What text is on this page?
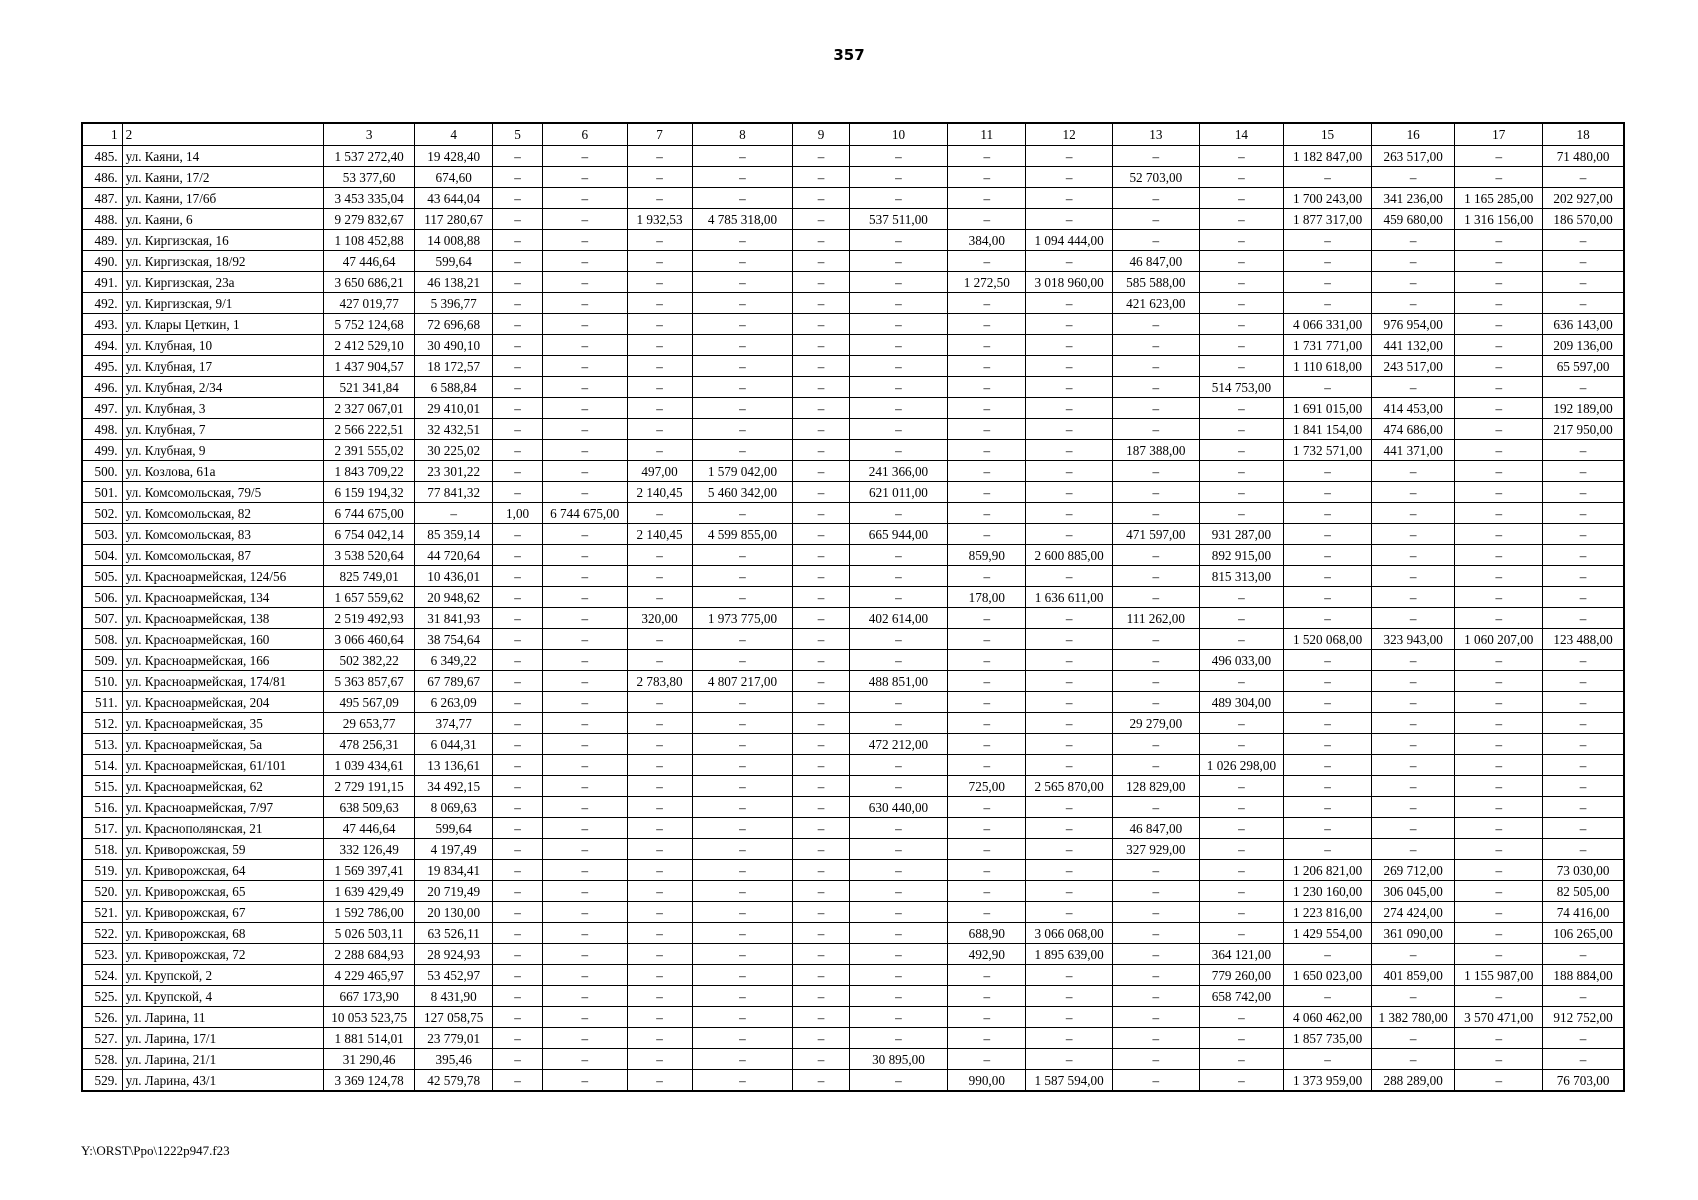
357
1	2	3	4	5	6	7	8	9	10	11	12	13	14	15	16	17	18
485.	ул. Каяни, 14	1 537 272,40	19 428,40	–	–	–	–	–	–	–	–	–	–	1 182 847,00	263 517,00	–	71 480,00
486.	ул. Каяни, 17/2	53 377,60	674,60	–	–	–	–	–	–	–	–	52 703,00	–	–	–	–	–
487.	ул. Каяни, 17/6б	3 453 335,04	43 644,04	–	–	–	–	–	–	–	–	–	–	1 700 243,00	341 236,00	1 165 285,00	202 927,00
488.	ул. Каяни, 6	9 279 832,67	117 280,67	–	–	1 932,53	4 785 318,00	–	537 511,00	–	–	–	–	1 877 317,00	459 680,00	1 316 156,00	186 570,00
489.	ул. Киргизская, 16	1 108 452,88	14 008,88	–	–	–	–	–	–	384,00	1 094 444,00	–	–	–	–	–	–
490.	ул. Киргизская, 18/92	47 446,64	599,64	–	–	–	–	–	–	–	–	46 847,00	–	–	–	–	–
491.	ул. Киргизская, 23а	3 650 686,21	46 138,21	–	–	–	–	–	–	1 272,50	3 018 960,00	585 588,00	–	–	–	–	–
492.	ул. Киргизская, 9/1	427 019,77	5 396,77	–	–	–	–	–	–	–	–	421 623,00	–	–	–	–	–
493.	ул. Клары Цеткин, 1	5 752 124,68	72 696,68	–	–	–	–	–	–	–	–	–	–	4 066 331,00	976 954,00	–	636 143,00
494.	ул. Клубная, 10	2 412 529,10	30 490,10	–	–	–	–	–	–	–	–	–	–	1 731 771,00	441 132,00	–	209 136,00
495.	ул. Клубная, 17	1 437 904,57	18 172,57	–	–	–	–	–	–	–	–	–	–	1 110 618,00	243 517,00	–	65 597,00
496.	ул. Клубная, 2/34	521 341,84	6 588,84	–	–	–	–	–	–	–	–	–	514 753,00	–	–	–	–
497.	ул. Клубная, 3	2 327 067,01	29 410,01	–	–	–	–	–	–	–	–	–	–	1 691 015,00	414 453,00	–	192 189,00
498.	ул. Клубная, 7	2 566 222,51	32 432,51	–	–	–	–	–	–	–	–	–	–	1 841 154,00	474 686,00	–	217 950,00
499.	ул. Клубная, 9	2 391 555,02	30 225,02	–	–	–	–	–	–	–	–	187 388,00	–	1 732 571,00	441 371,00	–	–
500.	ул. Козлова, 61а	1 843 709,22	23 301,22	–	–	497,00	1 579 042,00	–	241 366,00	–	–	–	–	–	–	–	–
501.	ул. Комсомольская, 79/5	6 159 194,32	77 841,32	–	–	2 140,45	5 460 342,00	–	621 011,00	–	–	–	–	–	–	–	–
502.	ул. Комсомольская, 82	6 744 675,00	–	1,00	6 744 675,00	–	–	–	–	–	–	–	–	–	–	–	–
503.	ул. Комсомольская, 83	6 754 042,14	85 359,14	–	–	2 140,45	4 599 855,00	–	665 944,00	–	–	471 597,00	931 287,00	–	–	–	–
504.	ул. Комсомольская, 87	3 538 520,64	44 720,64	–	–	–	–	–	–	859,90	2 600 885,00	–	892 915,00	–	–	–	–
505.	ул. Красноармейская, 124/56	825 749,01	10 436,01	–	–	–	–	–	–	–	–	–	815 313,00	–	–	–	–
506.	ул. Красноармейская, 134	1 657 559,62	20 948,62	–	–	–	–	–	–	178,00	1 636 611,00	–	–	–	–	–	–
507.	ул. Красноармейская, 138	2 519 492,93	31 841,93	–	–	320,00	1 973 775,00	–	402 614,00	–	–	111 262,00	–	–	–	–	–
508.	ул. Красноармейская, 160	3 066 460,64	38 754,64	–	–	–	–	–	–	–	–	–	–	1 520 068,00	323 943,00	1 060 207,00	123 488,00
509.	ул. Красноармейская, 166	502 382,22	6 349,22	–	–	–	–	–	–	–	–	–	496 033,00	–	–	–	–
510.	ул. Красноармейская, 174/81	5 363 857,67	67 789,67	–	–	2 783,80	4 807 217,00	–	488 851,00	–	–	–	–	–	–	–	–
511.	ул. Красноармейская, 204	495 567,09	6 263,09	–	–	–	–	–	–	–	–	–	489 304,00	–	–	–	–
512.	ул. Красноармейская, 35	29 653,77	374,77	–	–	–	–	–	–	–	–	29 279,00	–	–	–	–	–
513.	ул. Красноармейская, 5а	478 256,31	6 044,31	–	–	–	–	–	472 212,00	–	–	–	–	–	–	–	–
514.	ул. Красноармейская, 61/101	1 039 434,61	13 136,61	–	–	–	–	–	–	–	–	–	1 026 298,00	–	–	–	–
515.	ул. Красноармейская, 62	2 729 191,15	34 492,15	–	–	–	–	–	–	725,00	2 565 870,00	128 829,00	–	–	–	–	–
516.	ул. Красноармейская, 7/97	638 509,63	8 069,63	–	–	–	–	–	630 440,00	–	–	–	–	–	–	–	–
517.	ул. Краснополянская, 21	47 446,64	599,64	–	–	–	–	–	–	–	–	46 847,00	–	–	–	–	–
518.	ул. Криворожская, 59	332 126,49	4 197,49	–	–	–	–	–	–	–	–	327 929,00	–	–	–	–	–
519.	ул. Криворожская, 64	1 569 397,41	19 834,41	–	–	–	–	–	–	–	–	–	–	1 206 821,00	269 712,00	–	73 030,00
520.	ул. Криворожская, 65	1 639 429,49	20 719,49	–	–	–	–	–	–	–	–	–	–	1 230 160,00	306 045,00	–	82 505,00
521.	ул. Криворожская, 67	1 592 786,00	20 130,00	–	–	–	–	–	–	–	–	–	–	1 223 816,00	274 424,00	–	74 416,00
522.	ул. Криворожская, 68	5 026 503,11	63 526,11	–	–	–	–	–	–	688,90	3 066 068,00	–	–	1 429 554,00	361 090,00	–	106 265,00
523.	ул. Криворожская, 72	2 288 684,93	28 924,93	–	–	–	–	–	–	492,90	1 895 639,00	–	364 121,00	–	–	–	–
524.	ул. Крупской, 2	4 229 465,97	53 452,97	–	–	–	–	–	–	–	–	–	779 260,00	1 650 023,00	401 859,00	1 155 987,00	188 884,00
525.	ул. Крупской, 4	667 173,90	8 431,90	–	–	–	–	–	–	–	–	–	658 742,00	–	–	–	–
526.	ул. Ларина, 11	10 053 523,75	127 058,75	–	–	–	–	–	–	–	–	–	–	4 060 462,00	1 382 780,00	3 570 471,00	912 752,00
527.	ул. Ларина, 17/1	1 881 514,01	23 779,01	–	–	–	–	–	–	–	–	–	–	1 857 735,00	–	–	–
528.	ул. Ларина, 21/1	31 290,46	395,46	–	–	–	–	–	30 895,00	–	–	–	–	–	–	–	–
529.	ул. Ларина, 43/1	3 369 124,78	42 579,78	–	–	–	–	–	–	990,00	1 587 594,00	–	–	1 373 959,00	288 289,00	–	76 703,00
Y:\ORST\Ppo\1222p947.f23
